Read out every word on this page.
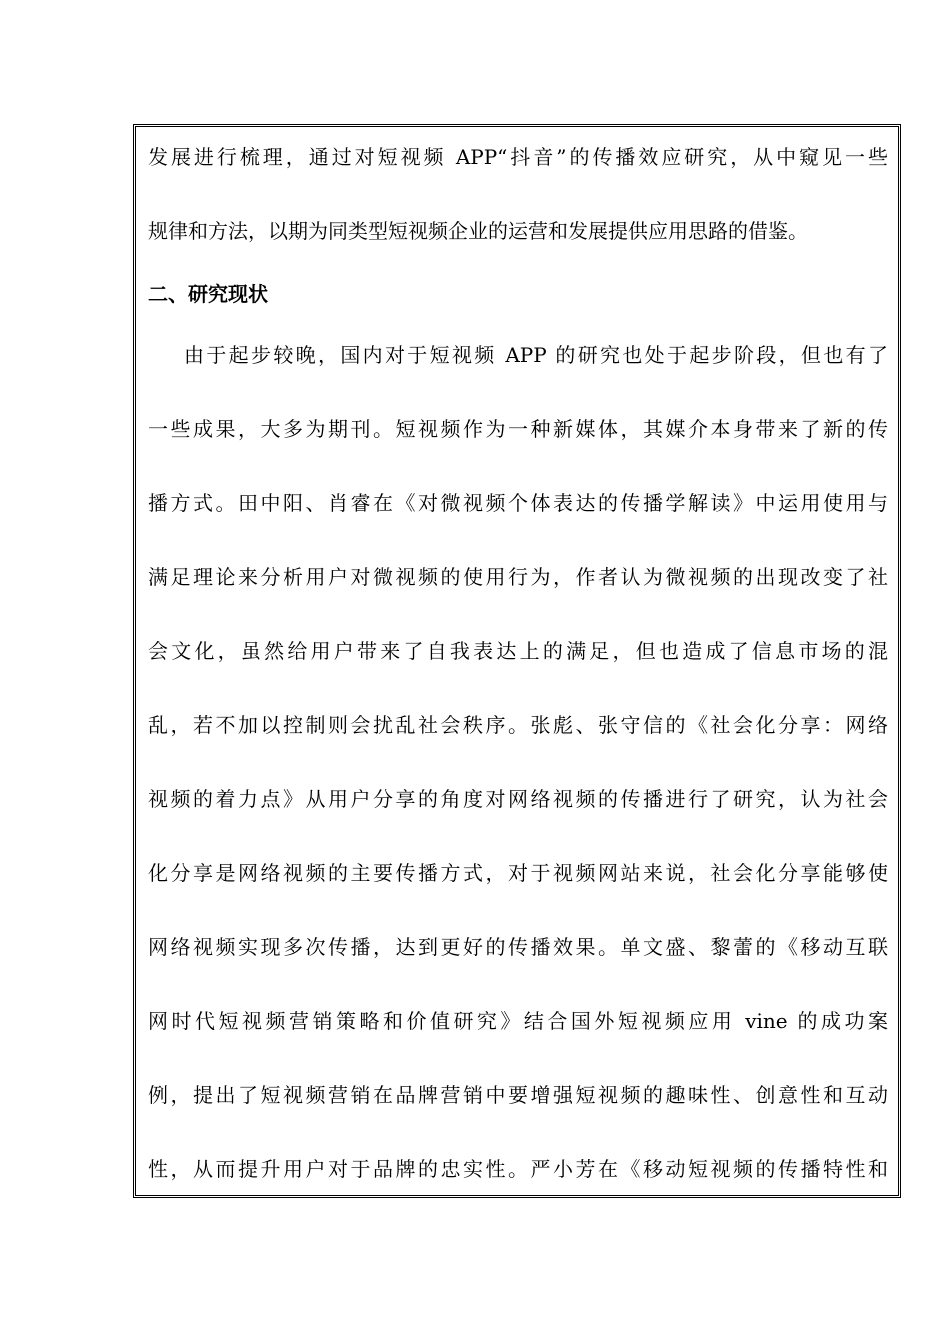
发展进行梳理，通过对短视频 APP“抖音”的传播效应研究，从中窥见一些
规律和方法，以期为同类型短视频企业的运营和发展提供应用思路的借鉴。
二、研究现状
由于起步较晚，国内对于短视频 APP 的研究也处于起步阶段，但也有了
一些成果，大多为期刊。短视频作为一种新媒体，其媒介本身带来了新的传
播方式。田中阳、肖睿在《对微视频个体表达的传播学解读》中运用使用与
满足理论来分析用户对微视频的使用行为，作者认为微视频的出现改变了社
会文化，虽然给用户带来了自我表达上的满足，但也造成了信息市场的混
乱，若不加以控制则会扰乱社会秩序。张彪、张守信的《社会化分享：网络
视频的着力点》从用户分享的角度对网络视频的传播进行了研究，认为社会
化分享是网络视频的主要传播方式，对于视频网站来说，社会化分享能够使
网络视频实现多次传播，达到更好的传播效果。单文盛、黎蕾的《移动互联
网时代短视频营销策略和价值研究》结合国外短视频应用 vine 的成功案
例，提出了短视频营销在品牌营销中要增强短视频的趣味性、创意性和互动
性，从而提升用户对于品牌的忠实性。严小芳在《移动短视频的传播特性和
